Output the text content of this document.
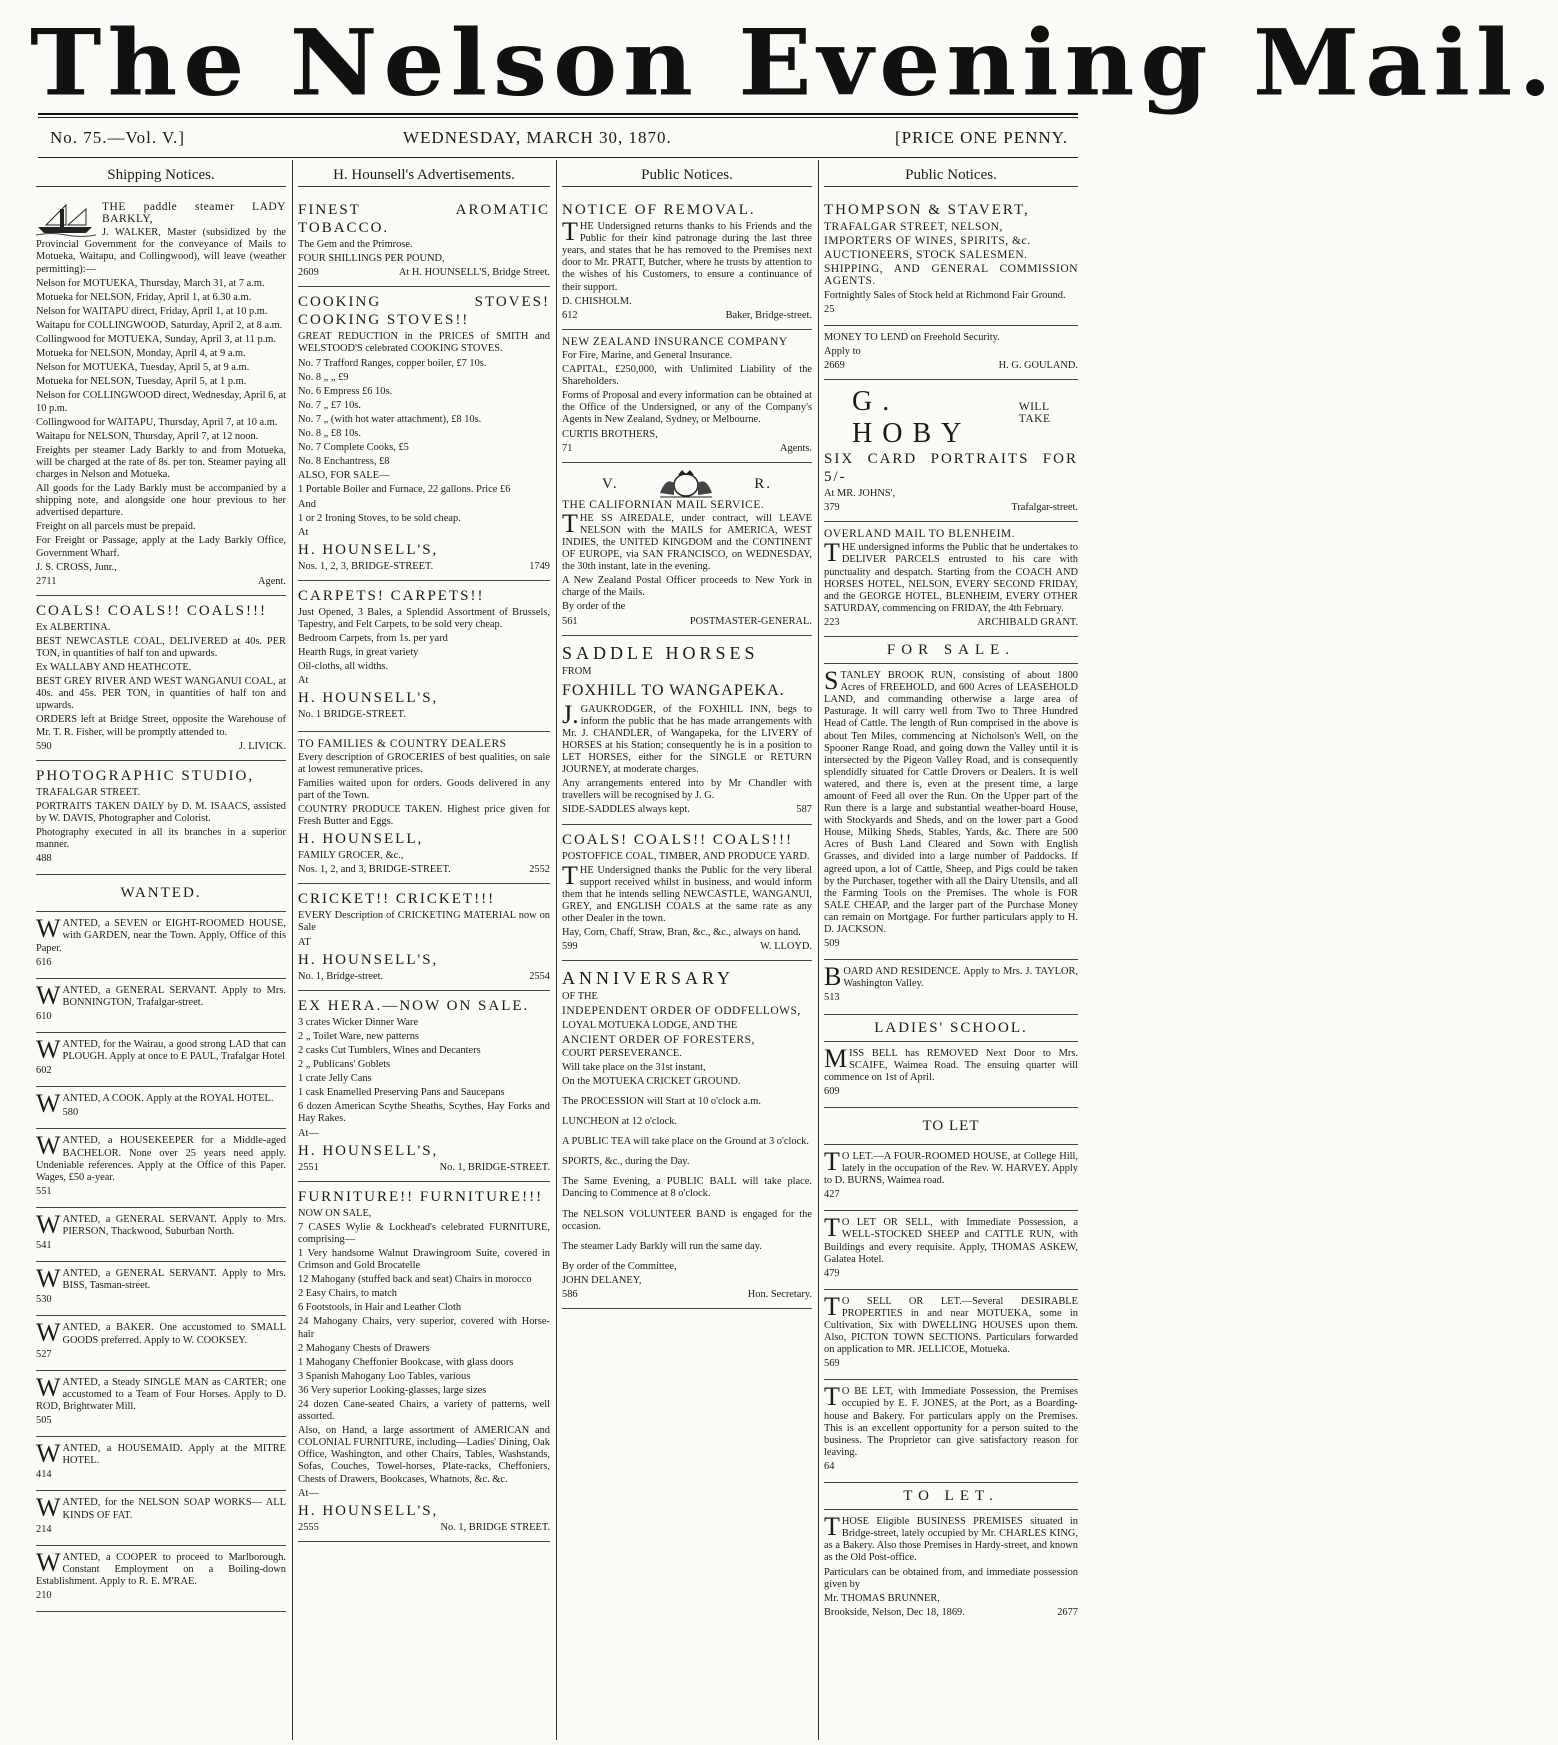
The Nelson Evening Mail.
No. 75.—Vol. V.]	WEDNESDAY, MARCH 30, 1870.	[PRICE ONE PENNY.
Shipping Notices.

THE paddle steamer LADY BARKLY,

J. WALKER, Master (subsidized by the Provincial Government for the conveyance of Mails to Motueka, Waitapu, and Collingwood), will leave (weather permitting):—

Nelson for MOTUEKA, Thursday, March 31, at 7 a.m.

Motueka for NELSON, Friday, April 1, at 6.30 a.m.

Nelson for WAITAPU direct, Friday, April 1, at 10 p.m.

Waitapu for COLLINGWOOD, Saturday, April 2, at 8 a.m.

Collingwood for MOTUEKA, Sunday, April 3, at 11 p.m.

Motueka for NELSON, Monday, April 4, at 9 a.m.

Nelson for MOTUEKA, Tuesday, April 5, at 9 a.m.

Motueka for NELSON, Tuesday, April 5, at 1 p.m.

Nelson for COLLINGWOOD direct, Wednesday, April 6, at 10 p.m.

Collingwood for WAITAPU, Thursday, April 7, at 10 a.m.

Waitapu for NELSON, Thursday, April 7, at 12 noon.

Freights per steamer Lady Barkly to and from Motueka, will be charged at the rate of 8s. per ton. Steamer paying all charges in Nelson and Motueka.

All goods for the Lady Barkly must be accompanied by a shipping note, and alongside one hour previous to her advertised departure.

Freight on all parcels must be prepaid.

For Freight or Passage, apply at the Lady Barkly Office, Government Wharf.

J. S. CROSS, Junr.,

2711	Agent.

COALS! COALS!! COALS!!!

Ex ALBERTINA.

BEST NEWCASTLE COAL, DELIVERED at 40s. PER TON, in quantities of half ton and upwards.

Ex WALLABY AND HEATHCOTE.

BEST GREY RIVER AND WEST WANGANUI COAL, at 40s. and 45s. PER TON, in quantities of half ton and upwards.

ORDERS left at Bridge Street, opposite the Warehouse of Mr. T. R. Fisher, will be promptly attended to.

590	J. LIVICK.

PHOTOGRAPHIC STUDIO,

TRAFALGAR STREET.

PORTRAITS TAKEN DAILY by D. M. ISAACS, assisted by W. DAVIS, Photographer and Colorist.

Photography executed in all its branches in a superior manner.

488

WANTED.

WANTED, a SEVEN or EIGHT-ROOMED HOUSE, with GARDEN, near the Town. Apply, Office of this Paper.

616

WANTED, a GENERAL SERVANT. Apply to Mrs. BONNINGTON, Trafalgar-street.

610

WANTED, for the Wairau, a good strong LAD that can PLOUGH. Apply at once to E PAUL, Trafalgar Hotel

602

WANTED, A COOK. Apply at the ROYAL HOTEL.

580

WANTED, a HOUSEKEEPER for a Middle-aged BACHELOR. None over 25 years need apply. Undeniable references. Apply at the Office of this Paper. Wages, £50 a-year.

551

WANTED, a GENERAL SERVANT. Apply to Mrs. PIERSON, Thackwood, Suburban North.

541

WANTED, a GENERAL SERVANT. Apply to Mrs. BISS, Tasman-street.

530

WANTED, a BAKER. One accustomed to SMALL GOODS preferred. Apply to W. COOKSEY.

527

WANTED, a Steady SINGLE MAN as CARTER; one accustomed to a Team of Four Horses. Apply to D. ROD, Brightwater Mill.

505

WANTED, a HOUSEMAID. Apply at the MITRE HOTEL.

414

WANTED, for the NELSON SOAP WORKS— ALL KINDS OF FAT.

214

WANTED, a COOPER to proceed to Marlborough. Constant Employment on a Boiling-down Establishment. Apply to R. E. M'RAE.

210

H. Hounsell's Advertisements.

FINEST AROMATIC TOBACCO.

The Gem and the Primrose.

FOUR SHILLINGS PER POUND,

2609	At H. HOUNSELL'S, Bridge Street.

COOKING STOVES! COOKING STOVES!!

GREAT REDUCTION in the PRICES of SMITH and WELSTOOD'S celebrated COOKING STOVES.

No. 7 Trafford Ranges, copper boiler, £7 10s.

No. 8 „ „ £9

No. 6 Empress £6 10s.

No. 7 „ £7 10s.

No. 7 „ (with hot water attachment), £8 10s.

No. 8 „ £8 10s.

No. 7 Complete Cooks, £5

No. 8 Enchantress, £8

ALSO, FOR SALE—

1 Portable Boiler and Furnace, 22 gallons. Price £6

And

1 or 2 Ironing Stoves, to be sold cheap.

At

H. HOUNSELL'S,

Nos. 1, 2, 3, BRIDGE-STREET.	1749

CARPETS! CARPETS!!

Just Opened, 3 Bales, a Splendid Assortment of Brussels, Tapestry, and Felt Carpets, to be sold very cheap.

Bedroom Carpets, from 1s. per yard

Hearth Rugs, in great variety

Oil-cloths, all widths.

At

H. HOUNSELL'S,

No. 1 BRIDGE-STREET.

TO FAMILIES & COUNTRY DEALERS

Every description of GROCERIES of best qualities, on sale at lowest remunerative prices.

Families waited upon for orders. Goods delivered in any part of the Town.

COUNTRY PRODUCE TAKEN. Highest price given for Fresh Butter and Eggs.

H. HOUNSELL,

FAMILY GROCER, &c.,

Nos. 1, 2, and 3, BRIDGE-STREET.	2552

CRICKET!! CRICKET!!!

EVERY Description of CRICKETING MATERIAL now on Sale

AT

H. HOUNSELL'S,

No. 1, Bridge-street.	2554

EX HERA.—NOW ON SALE.

3 crates Wicker Dinner Ware

2 „ Toilet Ware, new patterns

2 casks Cut Tumblers, Wines and Decanters

2 „ Publicans' Goblets

1 crate Jelly Cans

1 cask Enamelled Preserving Pans and Saucepans

6 dozen American Scythe Sheaths, Scythes, Hay Forks and Hay Rakes.

At—

H. HOUNSELL'S,

2551	No. 1, BRIDGE-STREET.

FURNITURE!! FURNITURE!!!

NOW ON SALE,

7 CASES Wylie & Lockhead's celebrated FURNITURE, comprising—

1 Very handsome Walnut Drawingroom Suite, covered in Crimson and Gold Brocatelle

12 Mahogany (stuffed back and seat) Chairs in morocco

2 Easy Chairs, to match

6 Footstools, in Hair and Leather Cloth

24 Mahogany Chairs, very superior, covered with Horse-hair

2 Mahogany Chests of Drawers

1 Mahogany Cheffonier Bookcase, with glass doors

3 Spanish Mahogany Loo Tables, various

36 Very superior Looking-glasses, large sizes

24 dozen Cane-seated Chairs, a variety of patterns, well assorted.

Also, on Hand, a large assortment of AMERICAN and COLONIAL FURNITURE, including—Ladies' Dining, Oak Office, Washington, and other Chairs, Tables, Washstands, Sofas, Couches, Towel-horses, Plate-racks, Cheffoniers, Chests of Drawers, Bookcases, Whatnots, &c. &c.

At—

H. HOUNSELL'S,

2555	No. 1, BRIDGE STREET.
Public Notices.

NOTICE OF REMOVAL.

THE Undersigned returns thanks to his Friends and the Public for their kind patronage during the last three years, and states that he has removed to the Premises next door to Mr. PRATT, Butcher, where he trusts by attention to the wishes of his Customers, to ensure a continuance of their support.

D. CHISHOLM.

612	Baker, Bridge-street.

NEW ZEALAND INSURANCE COMPANY

For Fire, Marine, and General Insurance.

CAPITAL, £250,000, with Unlimited Liability of the Shareholders.

Forms of Proposal and every information can be obtained at the Office of the Undersigned, or any of the Company's Agents in New Zealand, Sydney, or Melbourne.

CURTIS BROTHERS,

71	Agents.
V.	R.

THE CALIFORNIAN MAIL SERVICE.

THE SS AIREDALE, under contract, will LEAVE NELSON with the MAILS for AMERICA, WEST INDIES, the UNITED KINGDOM and the CONTINENT OF EUROPE, via SAN FRANCISCO, on WEDNESDAY, the 30th instant, late in the evening.

A New Zealand Postal Officer proceeds to New York in charge of the Mails.

By order of the

561	POSTMASTER-GENERAL.

SADDLE HORSES

FROM

FOXHILL TO WANGAPEKA.

J.GAUKRODGER, of the FOXHILL INN, begs to inform the public that he has made arrangements with Mr. J. CHANDLER, of Wangapeka, for the LIVERY of HORSES at his Station; consequently he is in a position to LET HORSES, either for the SINGLE or RETURN JOURNEY, at moderate charges.

Any arrangements entered into by Mr Chandler with travellers will be recognised by J. G.

SIDE-SADDLES always kept.	587

COALS! COALS!! COALS!!!

POSTOFFICE COAL, TIMBER, AND PRODUCE YARD.

THE Undersigned thanks the Public for the very liberal support received whilst in business, and would inform them that he intends selling NEWCASTLE, WANGANUI, GREY, and ENGLISH COALS at the same rate as any other Dealer in the town.

Hay, Corn, Chaff, Straw, Bran, &c., &c., always on hand.

599	W. LLOYD.

ANNIVERSARY

OF THE

INDEPENDENT ORDER OF ODDFELLOWS,

LOYAL MOTUEKA LODGE, AND THE

ANCIENT ORDER OF FORESTERS,

COURT PERSEVERANCE.

Will take place on the 31st instant,

On the MOTUEKA CRICKET GROUND.

The PROCESSION will Start at 10 o'clock a.m.

LUNCHEON at 12 o'clock.

A PUBLIC TEA will take place on the Ground at 3 o'clock.

SPORTS, &c., during the Day.

The Same Evening, a PUBLIC BALL will take place. Dancing to Commence at 8 o'clock.

The NELSON VOLUNTEER BAND is engaged for the occasion.

The steamer Lady Barkly will run the same day.

By order of the Committee,

JOHN DELANEY,

586	Hon. Secretary.
Public Notices.

THOMPSON & STAVERT,

TRAFALGAR STREET, NELSON,

IMPORTERS OF WINES, SPIRITS, &c.

AUCTIONEERS, STOCK SALESMEN.

SHIPPING, AND GENERAL COMMISSION AGENTS.

Fortnightly Sales of Stock held at Richmond Fair Ground.

25

MONEY TO LEND on Freehold Security.

Apply to

2669	H. G. GOULAND.
G. HOBY
WILL TAKE

SIX CARD PORTRAITS FOR 5/-

At MR. JOHNS',

379	Trafalgar-street.

OVERLAND MAIL TO BLENHEIM.

THE undersigned informs the Public that he undertakes to DELIVER PARCELS entrusted to his care with punctuality and despatch. Starting from the COACH AND HORSES HOTEL, NELSON, EVERY SECOND FRIDAY, and the GEORGE HOTEL, BLENHEIM, EVERY OTHER SATURDAY, commencing on FRIDAY, the 4th February.

223	ARCHIBALD GRANT.
FOR SALE.

STANLEY BROOK RUN, consisting of about 1800 Acres of FREEHOLD, and 600 Acres of LEASEHOLD LAND, and commanding otherwise a large area of Pasturage. It will carry well from Two to Three Hundred Head of Cattle. The length of Run comprised in the above is about Ten Miles, commencing at Nicholson's Well, on the Spooner Range Road, and going down the Valley until it is intersected by the Pigeon Valley Road, and is consequently splendidly situated for Cattle Drovers or Dealers. It is well watered, and there is, even at the present time, a large amount of Feed all over the Run. On the Upper part of the Run there is a large and substantial weather-board House, with Stockyards and Sheds, and on the lower part a Good House, Milking Sheds, Stables, Yards, &c. There are 500 Acres of Bush Land Cleared and Sown with English Grasses, and divided into a large number of Paddocks. If agreed upon, a lot of Cattle, Sheep, and Pigs could be taken by the Purchaser, together with all the Dairy Utensils, and all the Farming Tools on the Premises. The whole is FOR SALE CHEAP, and the larger part of the Purchase Money can remain on Mortgage. For further particulars apply to H. D. JACKSON.

509

BOARD AND RESIDENCE. Apply to Mrs. J. TAYLOR, Washington Valley.

513

LADIES' SCHOOL.

MISS BELL has REMOVED Next Door to Mrs. SCAIFE, Waimea Road. The ensuing quarter will commence on 1st of April.

609

TO LET

TO LET.—A FOUR-ROOMED HOUSE, at College Hill, lately in the occupation of the Rev. W. HARVEY. Apply to D. BURNS, Waimea road.

427

TO LET OR SELL, with Immediate Possession, a WELL-STOCKED SHEEP and CATTLE RUN, with Buildings and every requisite. Apply, THOMAS ASKEW, Galatea Hotel.

479

TO SELL OR LET.—Several DESIRABLE PROPERTIES in and near MOTUEKA, some in Cultivation, Six with DWELLING HOUSES upon them. Also, PICTON TOWN SECTIONS. Particulars forwarded on application to MR. JELLICOE, Motueka.

569

TO BE LET, with Immediate Possession, the Premises occupied by E. F. JONES, at the Port, as a Boarding-house and Bakery. For particulars apply on the Premises. This is an excellent opportunity for a person suited to the business. The Proprietor can give satisfactory reason for leaving.

64

TO LET.

THOSE Eligible BUSINESS PREMISES situated in Bridge-street, lately occupied by Mr. CHARLES KING, as a Bakery. Also those Premises in Hardy-street, and known as the Old Post-office.

Particulars can be obtained from, and immediate possession given by

Mr. THOMAS BRUNNER,

Brookside, Nelson, Dec 18, 1869.	2677
